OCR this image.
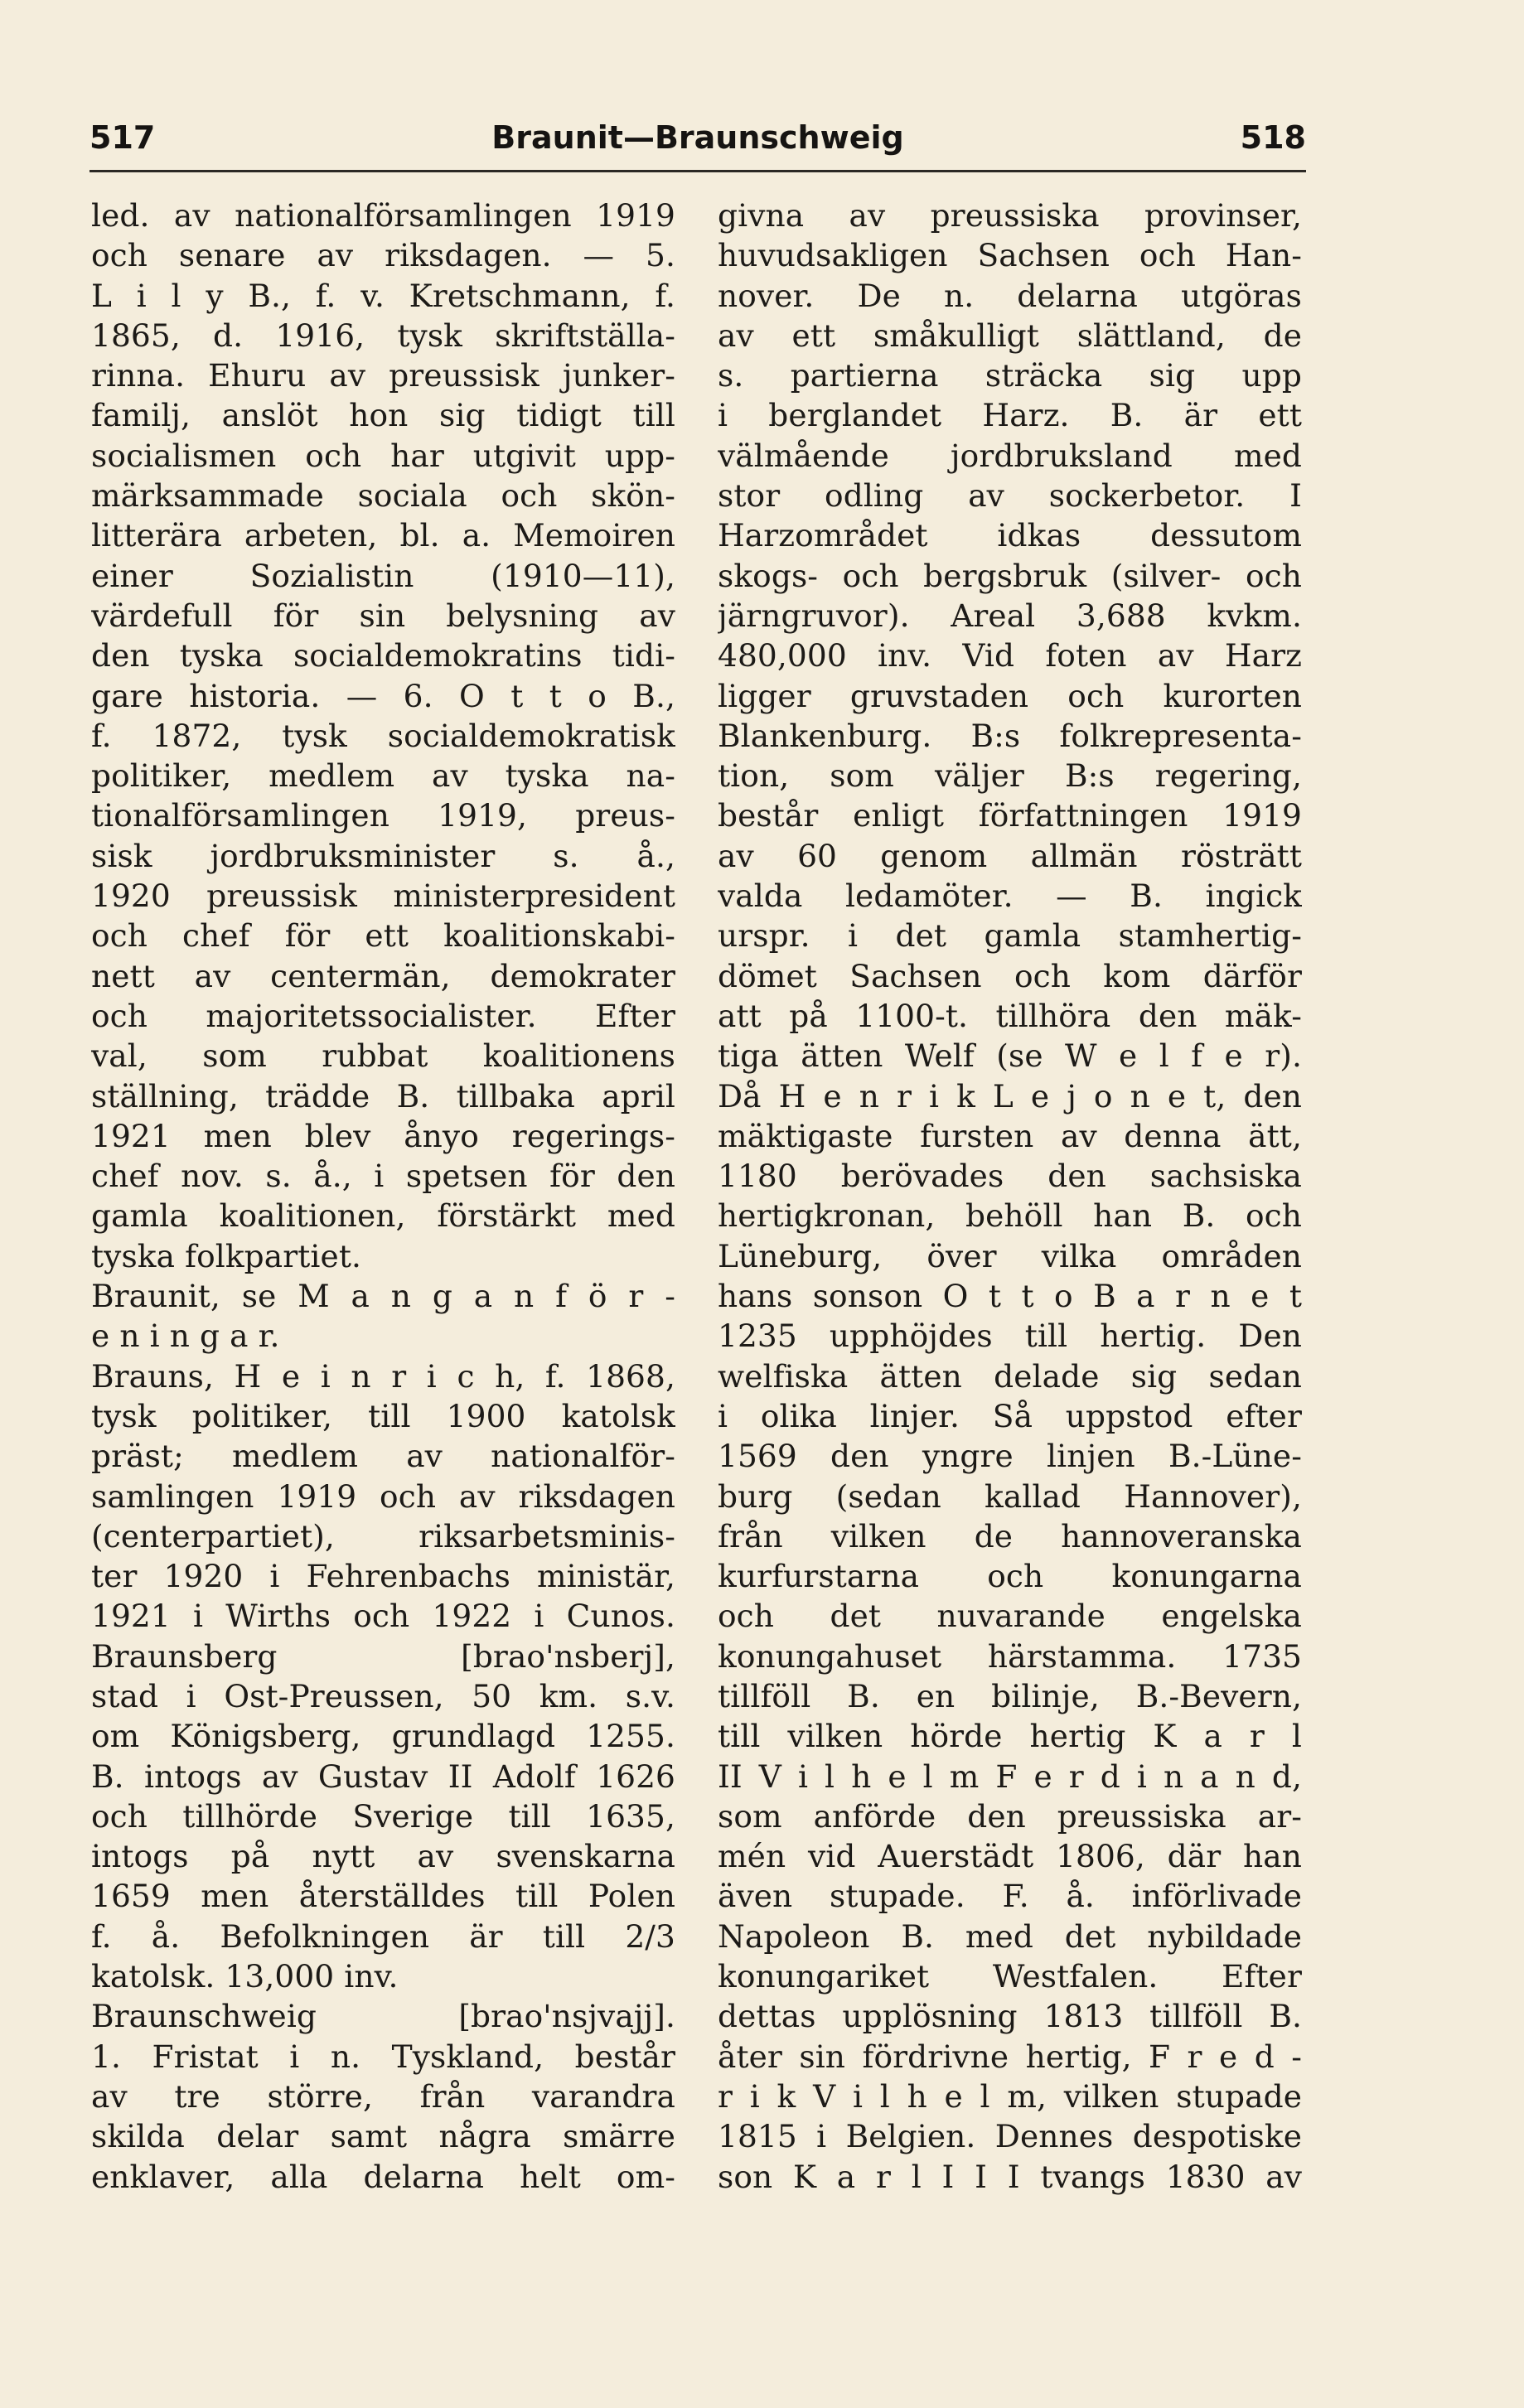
517	Braunit—Braunschweig	518
led. av nationalförsamlingen 1919
och senare av riksdagen. — 5.
L i l y B., f. v. Kretschmann, f.
1865, d. 1916, tysk skriftställa-
rinna. Ehuru av preussisk junker-
familj, anslöt hon sig tidigt till
socialismen och har utgivit upp-
märksammade sociala och skön-
litterära arbeten, bl. a. Memoiren
einer Sozialistin (1910—11),
värdefull för sin belysning av
den tyska socialdemokratins tidi-
gare historia. — 6. O t t o B.,
f. 1872, tysk socialdemokratisk
politiker, medlem av tyska na-
tionalförsamlingen 1919, preus-
sisk jordbruksminister s. å.,
1920 preussisk ministerpresident
och chef för ett koalitionskabi-
nett av centermän, demokrater
och majoritetssocialister. Efter
val, som rubbat koalitionens
ställning, trädde B. tillbaka april
1921 men blev ånyo regerings-
chef nov. s. å., i spetsen för den
gamla koalitionen, förstärkt med
tyska folkpartiet.
Braunit, se M a n g a n f ö r -
e n i n g a r.
Brauns, H e i n r i c h, f. 1868,
tysk politiker, till 1900 katolsk
präst; medlem av nationalför-
samlingen 1919 och av riksdagen
(centerpartiet), riksarbetsminis-
ter 1920 i Fehrenbachs ministär,
1921 i Wirths och 1922 i Cunos.
Braunsberg [brao'nsberj],
stad i Ost-Preussen, 50 km. s.v.
om Königsberg, grundlagd 1255.
B. intogs av Gustav II Adolf 1626
och tillhörde Sverige till 1635,
intogs på nytt av svenskarna
1659 men återställdes till Polen
f. å. Befolkningen är till 2/3
katolsk. 13,000 inv.
Braunschweig [brao'nsjvajj].
1. Fristat i n. Tyskland, består
av tre större, från varandra
skilda delar samt några smärre
enklaver, alla delarna helt om-
givna av preussiska provinser,
huvudsakligen Sachsen och Han-
nover. De n. delarna utgöras
av ett småkulligt slättland, de
s. partierna sträcka sig upp
i berglandet Harz. B. är ett
välmående jordbruksland med
stor odling av sockerbetor. I
Harzområdet idkas dessutom
skogs- och bergsbruk (silver- och
järngruvor). Areal 3,688 kvkm.
480,000 inv. Vid foten av Harz
ligger gruvstaden och kurorten
Blankenburg. B:s folkrepresenta-
tion, som väljer B:s regering,
består enligt författningen 1919
av 60 genom allmän rösträtt
valda ledamöter. — B. ingick
urspr. i det gamla stamhertig-
dömet Sachsen och kom därför
att på 1100-t. tillhöra den mäk-
tiga ätten Welf (se W e l f e r).
Då H e n r i k L e j o n e t, den
mäktigaste fursten av denna ätt,
1180 berövades den sachsiska
hertigkronan, behöll han B. och
Lüneburg, över vilka områden
hans sonson O t t o B a r n e t
1235 upphöjdes till hertig. Den
welfiska ätten delade sig sedan
i olika linjer. Så uppstod efter
1569 den yngre linjen B.-Lüne-
burg (sedan kallad Hannover),
från vilken de hannoveranska
kurfurstarna och konungarna
och det nuvarande engelska
konungahuset härstamma. 1735
tillföll B. en bilinje, B.-Bevern,
till vilken hörde hertig K a r l
II V i l h e l m F e r d i n a n d,
som anförde den preussiska ar-
mén vid Auerstädt 1806, där han
även stupade. F. å. införlivade
Napoleon B. med det nybildade
konungariket Westfalen. Efter
dettas upplösning 1813 tillföll B.
åter sin fördrivne hertig, F r e d -
r i k V i l h e l m, vilken stupade
1815 i Belgien. Dennes despotiske
son K a r l I I I tvangs 1830 av
